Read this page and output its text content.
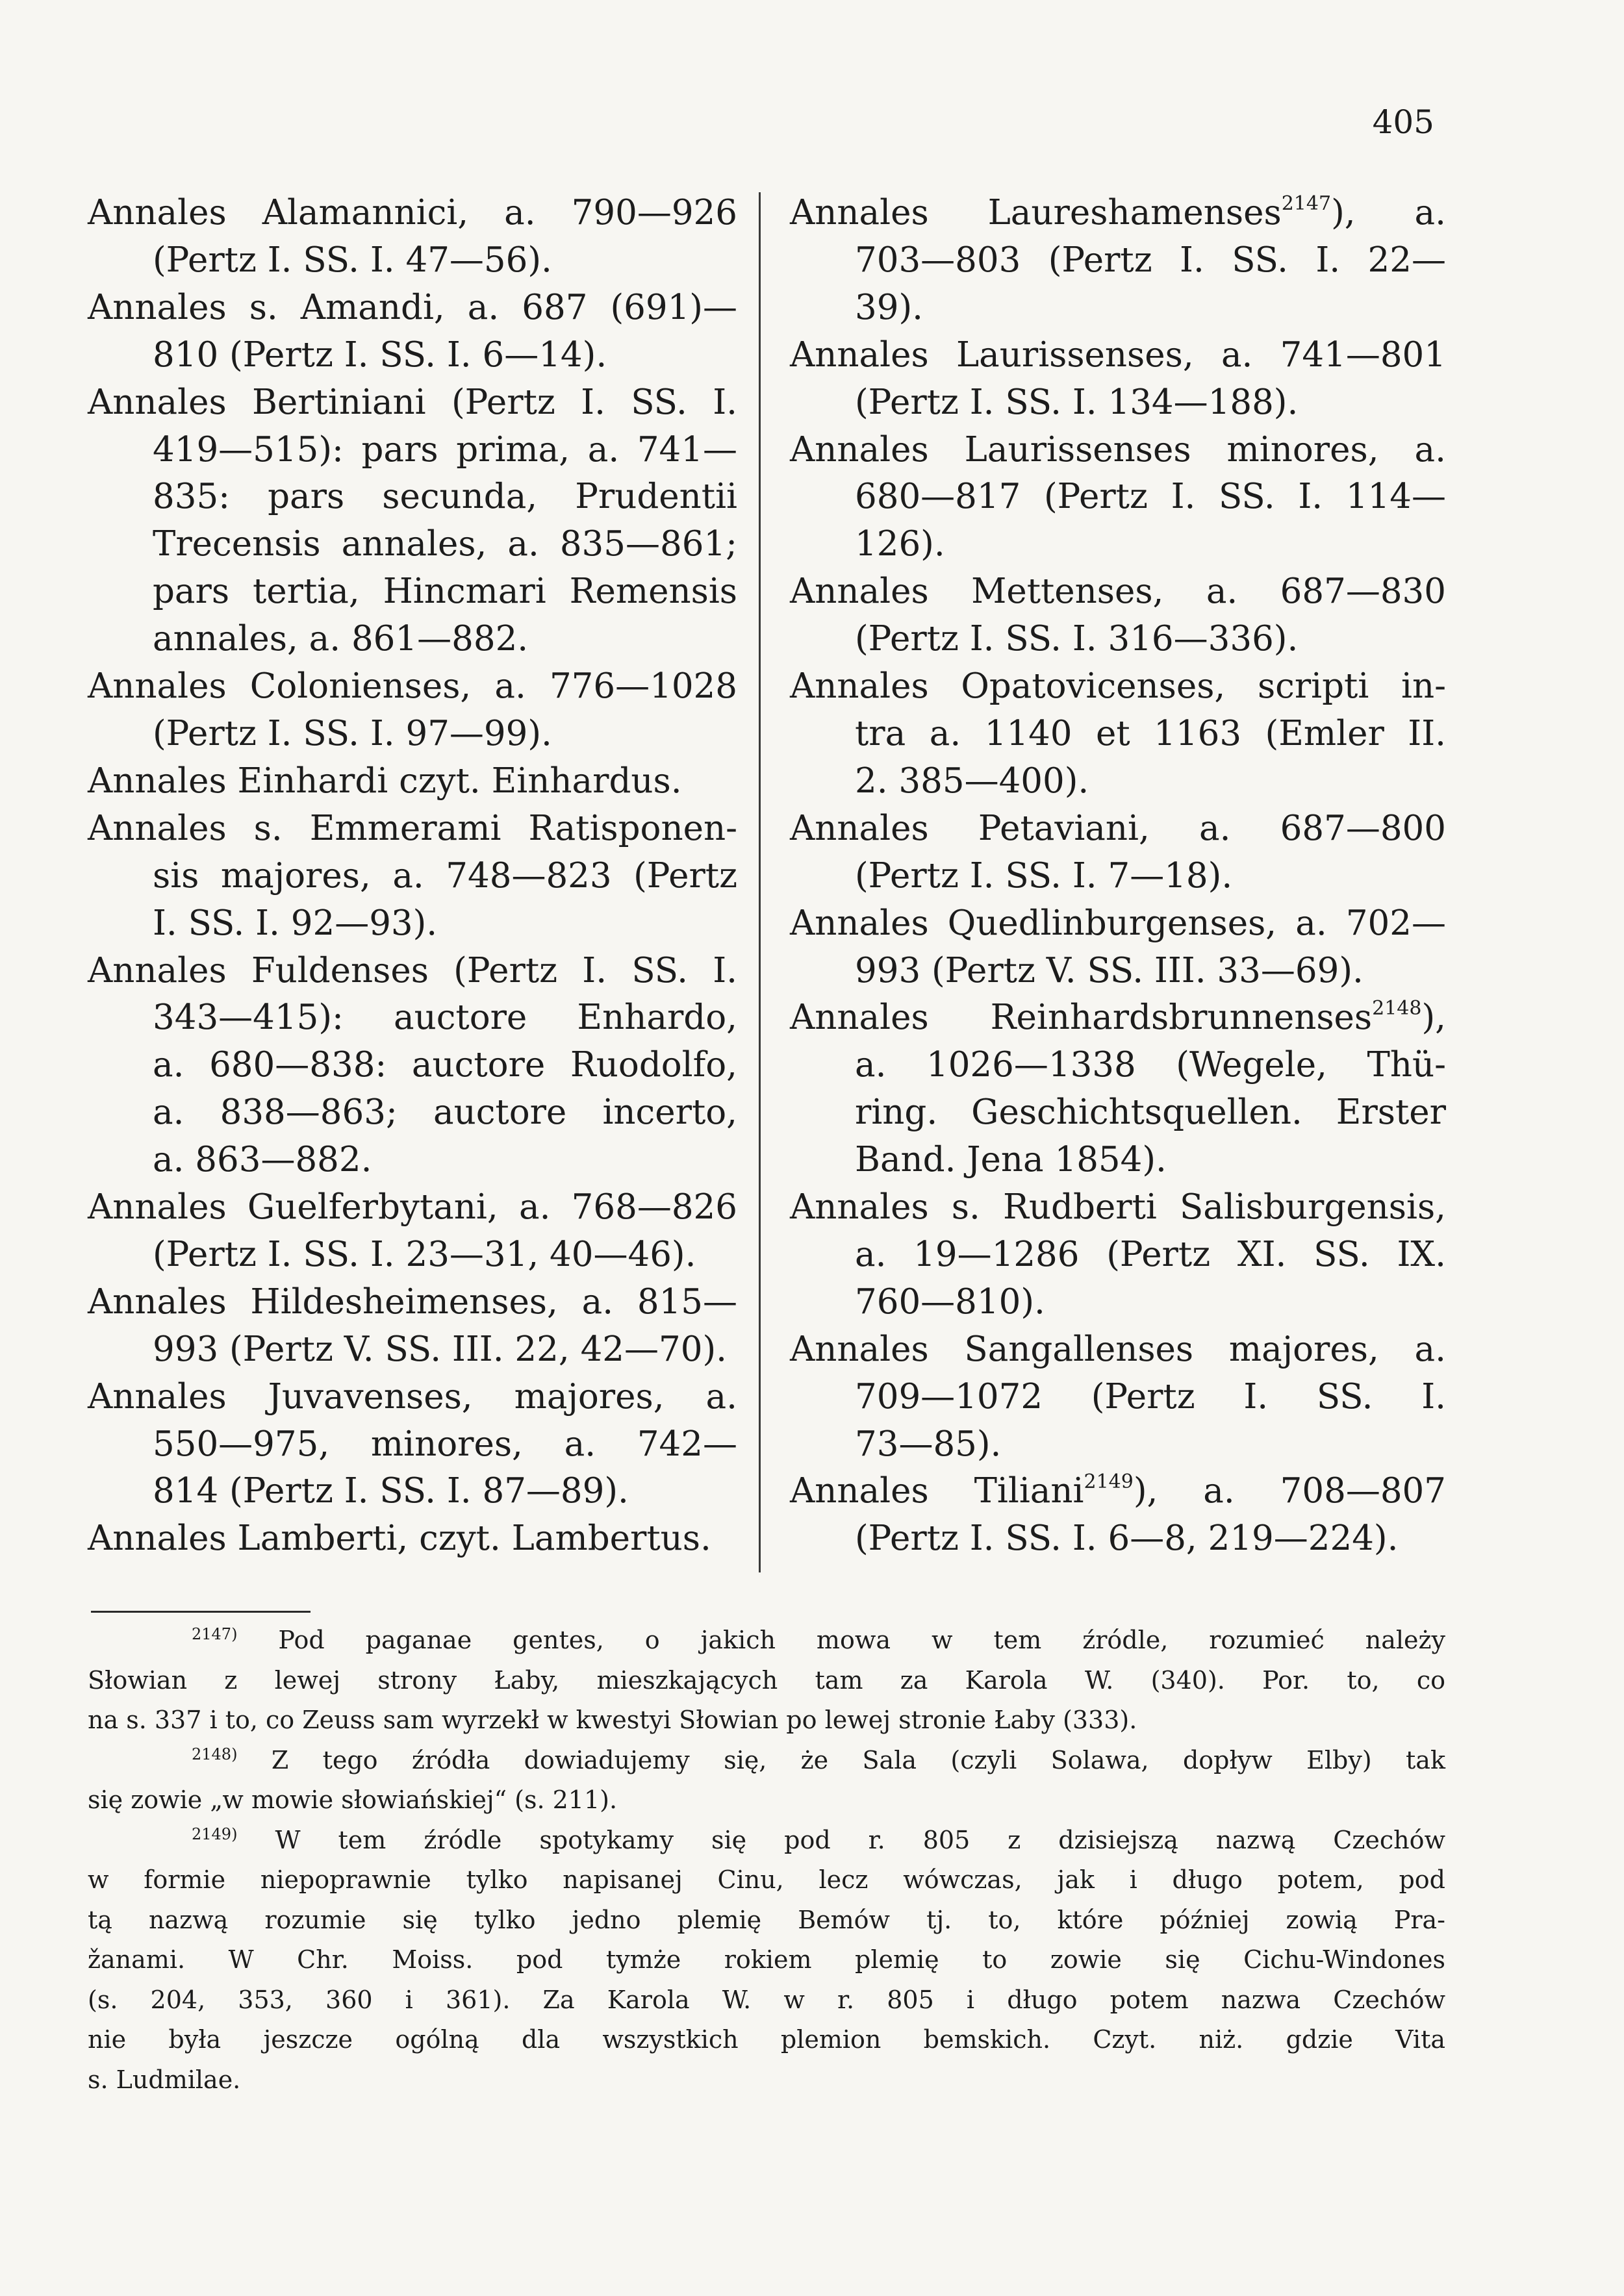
405
Annales Alamannici, a. 790—926
(Pertz I. SS. I. 47—56).
Annales s. Amandi, a. 687 (691)—
810 (Pertz I. SS. I. 6—14).
Annales Bertiniani (Pertz I. SS. I.
419—515): pars prima, a. 741—
835: pars secunda, Prudentii
Trecensis annales, a. 835—861;
pars tertia, Hincmari Remensis
annales, a. 861—882.
Annales Colonienses, a. 776—1028
(Pertz I. SS. I. 97—99).
Annales Einhardi czyt. Einhardus.
Annales s. Emmerami Ratisponen-
sis majores, a. 748—823 (Pertz
I. SS. I. 92—93).
Annales Fuldenses (Pertz I. SS. I.
343—415): auctore Enhardo,
a. 680—838: auctore Ruodolfo,
a. 838—863; auctore incerto,
a. 863—882.
Annales Guelferbytani, a. 768—826
(Pertz I. SS. I. 23—31, 40—46).
Annales Hildesheimenses, a. 815—
993 (Pertz V. SS. III. 22, 42—70).
Annales Juvavenses, majores, a.
550—975, minores, a. 742—
814 (Pertz I. SS. I. 87—89).
Annales Lamberti, czyt. Lambertus.
Annales Laureshamenses$^{2147}$), a.
703—803 (Pertz I. SS. I. 22—
39).
Annales Laurissenses, a. 741—801
(Pertz I. SS. I. 134—188).
Annales Laurissenses minores, a.
680—817 (Pertz I. SS. I. 114—
126).
Annales Mettenses, a. 687—830
(Pertz I. SS. I. 316—336).
Annales Opatovicenses, scripti in-
tra a. 1140 et 1163 (Emler II.
2. 385—400).
Annales Petaviani, a. 687—800
(Pertz I. SS. I. 7—18).
Annales Quedlinburgenses, a. 702—
993 (Pertz V. SS. III. 33—69).
Annales Reinhardsbrunnenses$^{2148}$),
a. 1026—1338 (Wegele, Thü-
ring. Geschichtsquellen. Erster
Band. Jena 1854).
Annales s. Rudberti Salisburgensis,
a. 19—1286 (Pertz XI. SS. IX.
760—810).
Annales Sangallenses majores, a.
709—1072 (Pertz I. SS. I.
73—85).
Annales Tiliani$^{2149}$), a. 708—807
(Pertz I. SS. I. 6—8, 219—224).
$^{2147)}$ Pod paganae gentes, o jakich mowa w tem źródle, rozumieć należy
Słowian z lewej strony Łaby, mieszkających tam za Karola W. (340). Por. to, co
na s. 337 i to, co Zeuss sam wyrzekł w kwestyi Słowian po lewej stronie Łaby (333).
$^{2148)}$ Z tego źródła dowiadujemy się, że Sala (czyli Solawa, dopływ Elby) tak
się zowie „w mowie słowiańskiej“ (s. 211).
$^{2149)}$ W tem źródle spotykamy się pod r. 805 z dzisiejszą nazwą Czechów
w formie niepoprawnie tylko napisanej Cinu, lecz wówczas, jak i długo potem, pod
tą nazwą rozumie się tylko jedno plemię Bemów tj. to, które później zowią Pra-
žanami. W Chr. Moiss. pod tymże rokiem plemię to zowie się Cichu-Windones
(s. 204, 353, 360 i 361). Za Karola W. w r. 805 i długo potem nazwa Czechów
nie była jeszcze ogólną dla wszystkich plemion bemskich. Czyt. niż. gdzie Vita
s. Ludmilae.
